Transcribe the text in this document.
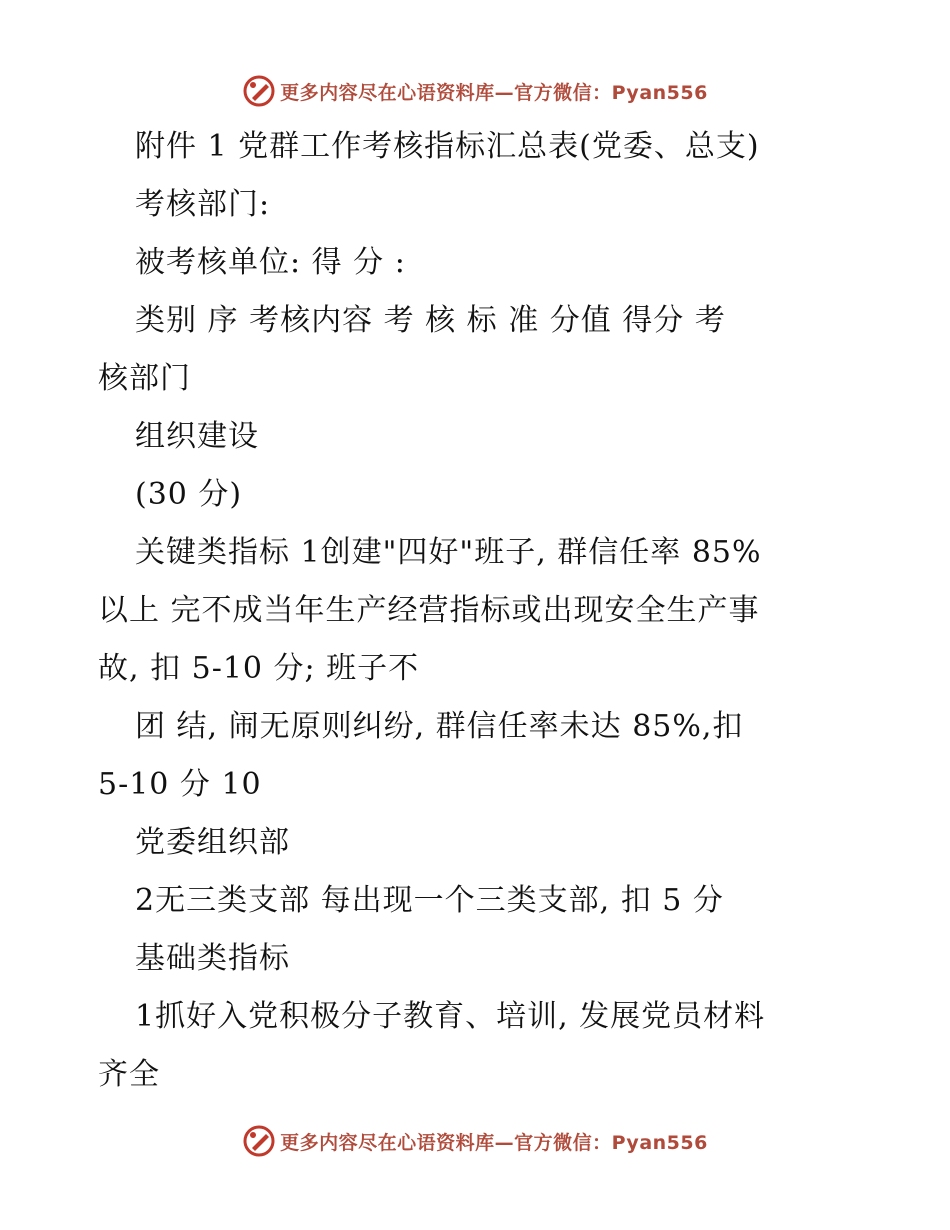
更多内容尽在心语资料库—官方微信：Pyan556
附件 1 党群工作考核指标汇总表(党委、总支)
考核部门:
被考核单位: 得 分 :
类别 序 考核内容 考 核 标 准 分值 得分 考
核部门
组织建设
(30 分)
关键类指标 1创建"四好"班子, 群信任率 85%
以上 完不成当年生产经营指标或出现安全生产事
故, 扣 5-10 分; 班子不
团 结, 闹无原则纠纷, 群信任率未达 85%,扣
5-10 分 10
党委组织部
2无三类支部 每出现一个三类支部, 扣 5 分
基础类指标
1抓好入党积极分子教育、培训, 发展党员材料
齐全
更多内容尽在心语资料库—官方微信：Pyan556
